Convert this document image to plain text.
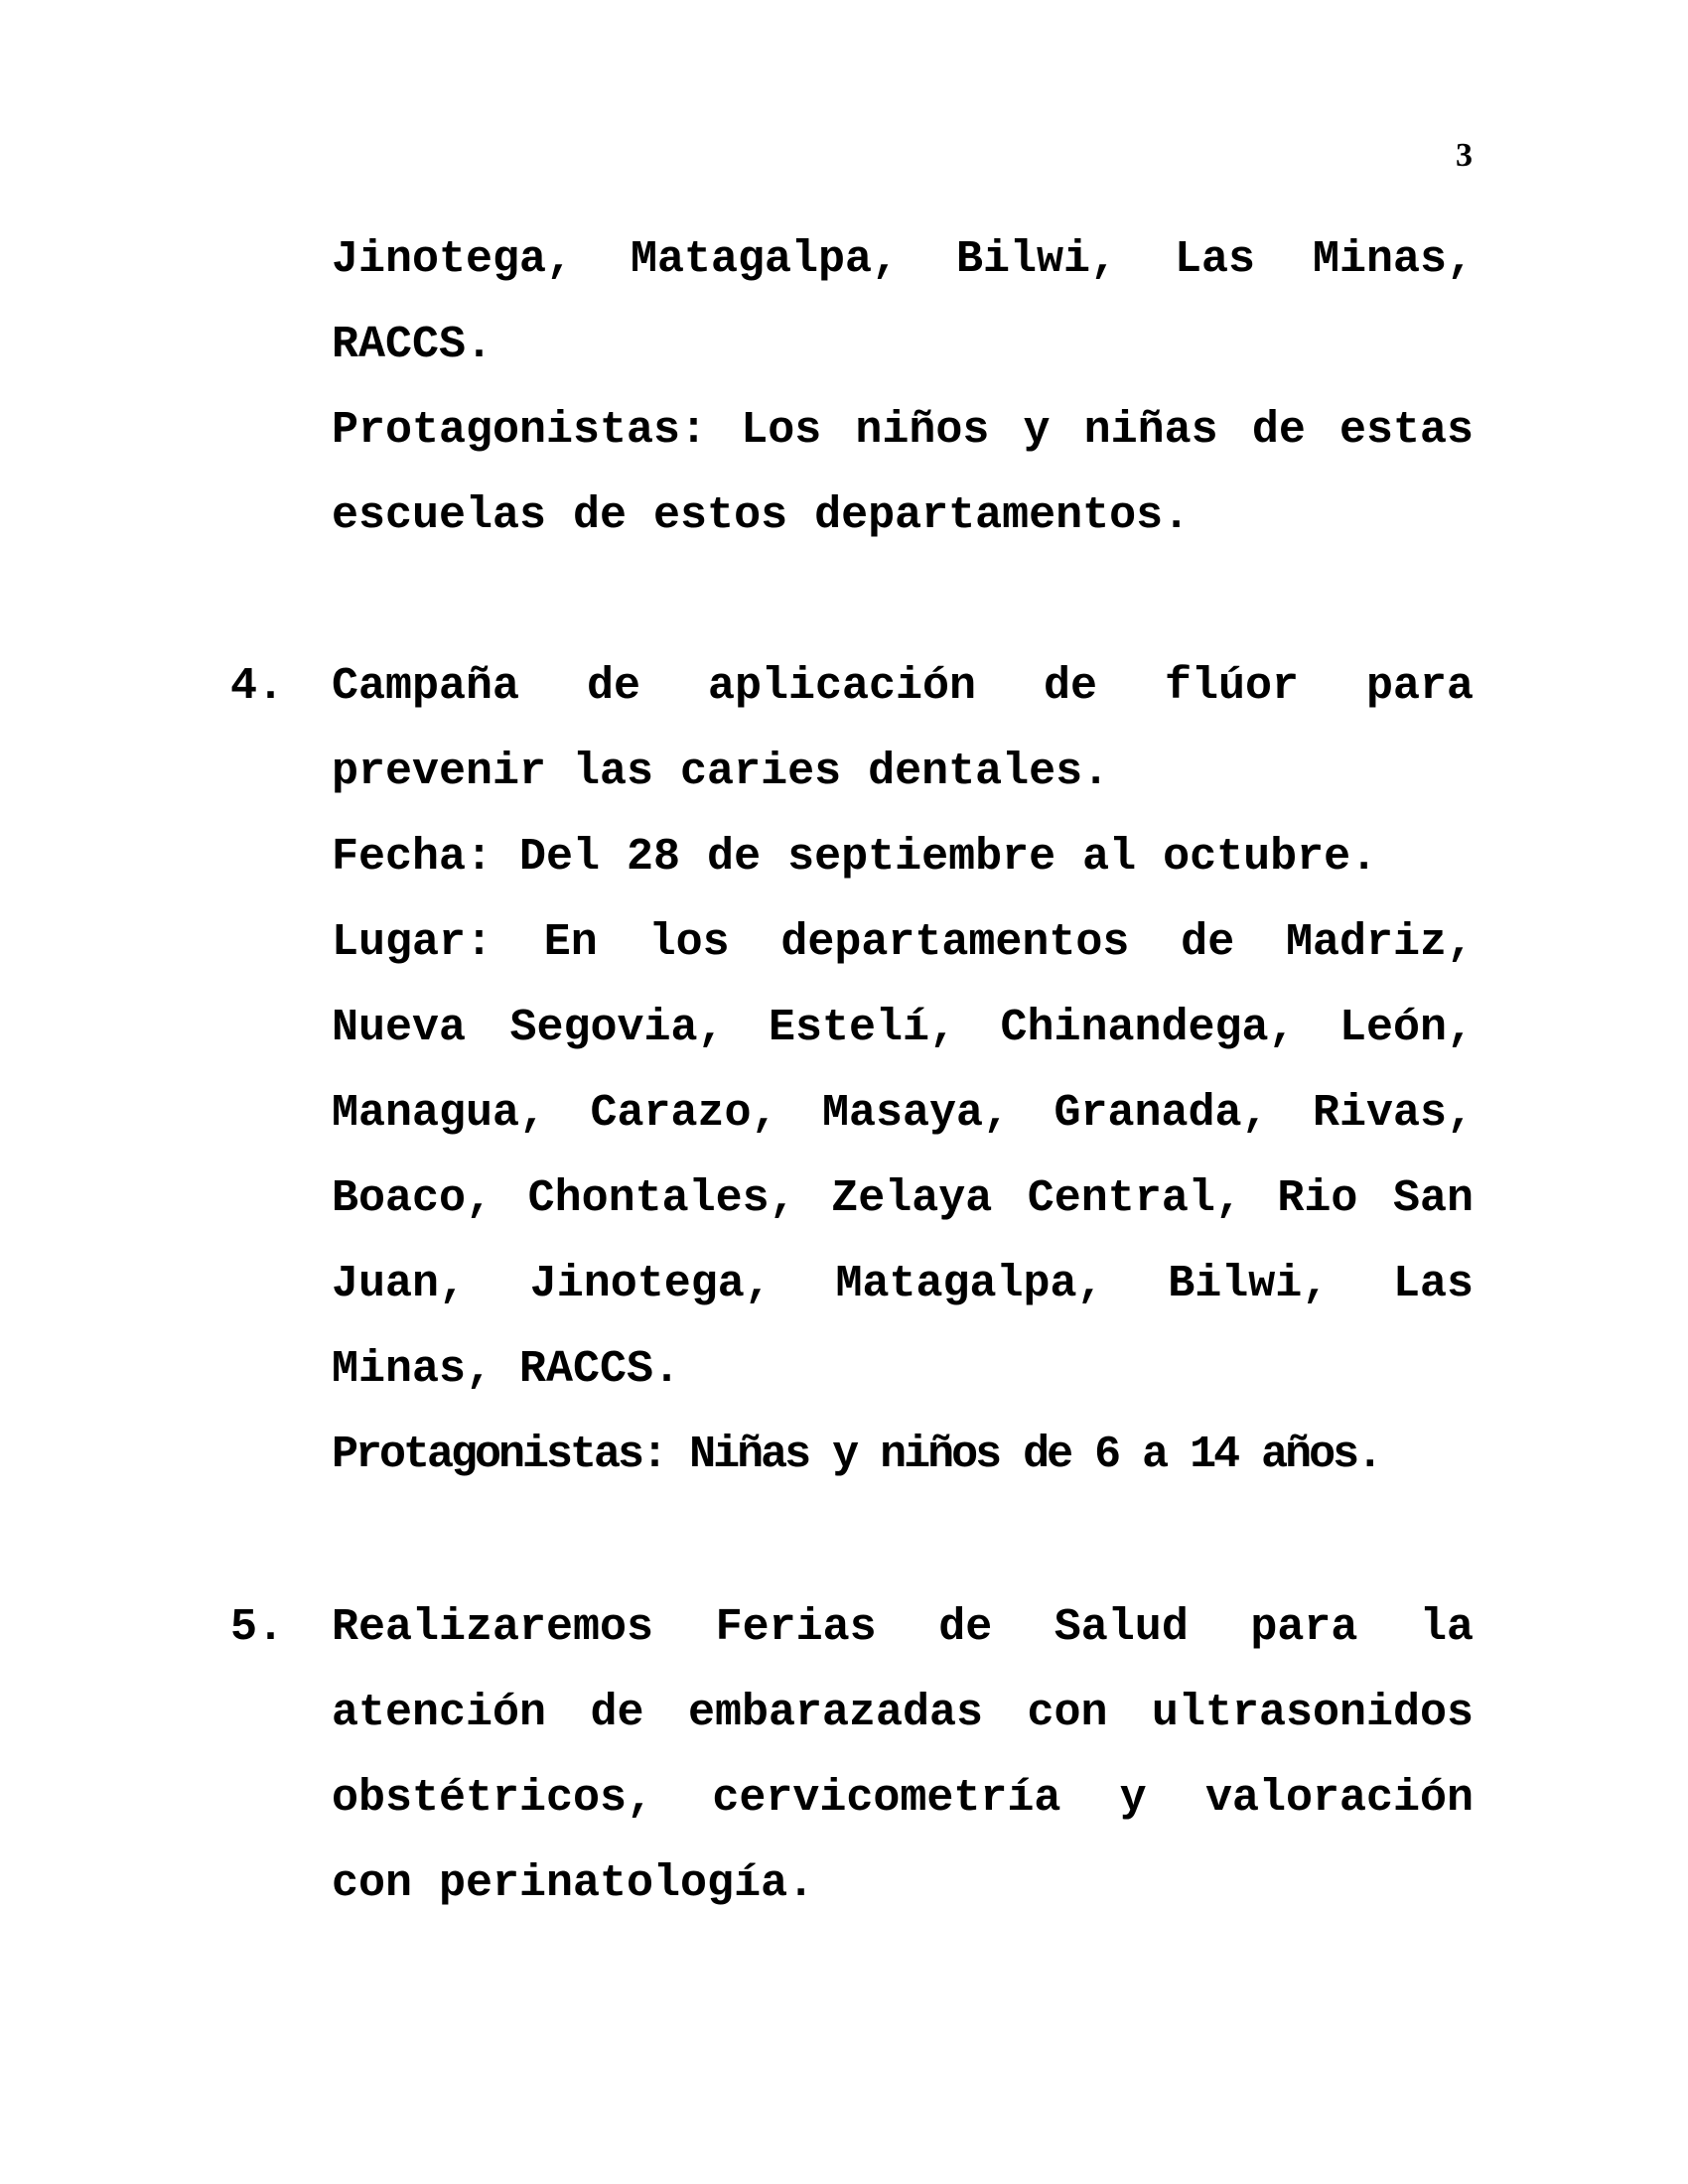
3
Jinotega, Matagalpa, Bilwi, Las Minas,
RACCS.
Protagonistas: Los niños y niñas de estas
escuelas de estos departamentos.
4. Campaña de aplicación de flúor para
prevenir las caries dentales.
Fecha: Del 28 de septiembre al octubre.
Lugar: En los departamentos de Madriz,
Nueva Segovia, Estelí, Chinandega, León,
Managua, Carazo, Masaya, Granada, Rivas,
Boaco, Chontales, Zelaya Central, Rio San
Juan, Jinotega, Matagalpa, Bilwi, Las
Minas, RACCS.
Protagonistas: Niñas y niños de 6 a 14 años.
5. Realizaremos Ferias de Salud para la
atención de embarazadas con ultrasonidos
obstétricos, cervicometría y valoración
con perinatología.
